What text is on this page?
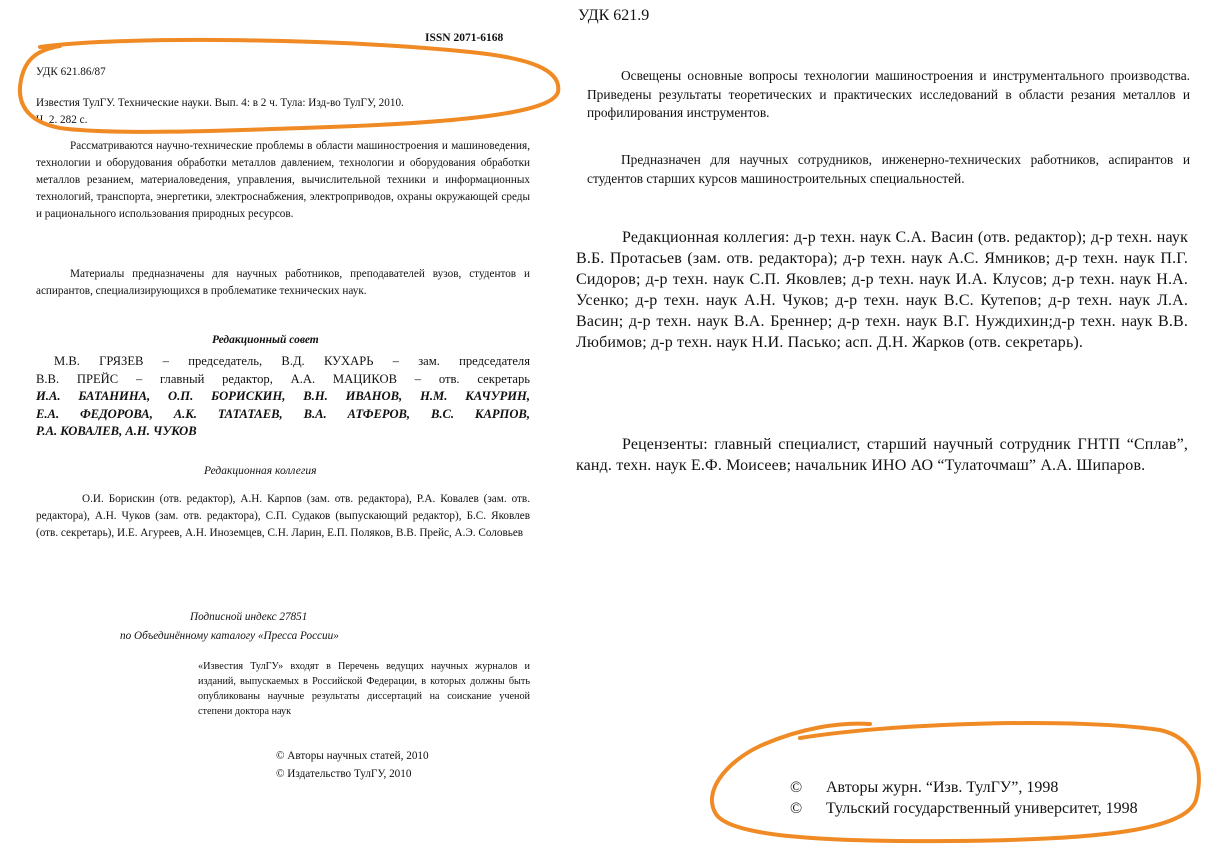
ISSN 2071-6168

УДК 621.86/87

Известия ТулГУ. Технические науки. Вып. 4: в 2 ч. Тула: Изд-во ТулГУ, 2010.
Ч. 2. 282 с.

Рассматриваются научно-технические проблемы в области машиностроения и машиноведения, технологии и оборудования обработки металлов давлением, технологии и оборудования обработки металлов резанием, материаловедения, управления, вычислительной техники и информационных технологий, транспорта, энергетики, электроснабжения, электроприводов, охраны окружающей среды и рационального использования природных ресурсов.

Материалы предназначены для научных работников, преподавателей вузов, студентов и аспирантов, специализирующихся в проблематике технических наук.

Редакционный совет

М.В. ГРЯЗЕВ – председатель, В.Д. КУХАРЬ – зам. председателя
В.В. ПРЕЙС – главный редактор, А.А. МАЦИКОВ – отв. секретарь
И.А. БАТАНИНА, О.П. БОРИСКИН, В.Н. ИВАНОВ, Н.М. КАЧУРИН,
Е.А. ФЕДОРОВА, А.К. ТАТАТАЕВ, В.А. АТФЕРОВ, В.С. КАРПОВ,
Р.А. КОВАЛЕВ, А.Н. ЧУКОВ

Редакционная коллегия

О.И. Борискин (отв. редактор), А.Н. Карпов (зам. отв. редактора), Р.А. Ковалев (зам. отв. редактора), А.Н. Чуков (зам. отв. редактора), С.П. Судаков (выпускающий редактор), Б.С. Яковлев (отв. секретарь), И.Е. Агуреев, А.Н. Иноземцев, С.Н. Ларин, Е.П. Поляков, В.В. Прейс, А.Э. Соловьев

Подписной индекс 27851

по Объединённому каталогу «Пресса России»

«Известия ТулГУ» входят в Перечень ведущих научных журналов и изданий, выпускаемых в Российской Федерации, в которых должны быть опубликованы научные результаты диссертаций на соискание ученой степени доктора наук

© Авторы научных статей, 2010

© Издательство ТулГУ, 2010

УДК 621.9

Освещены основные вопросы технологии машиностроения и инструментального производства. Приведены результаты теоретических и практических исследований в области резания металлов и профилирования инструментов.

Предназначен для научных сотрудников, инженерно-технических работников, аспирантов и студентов старших курсов машиностроительных специальностей.

Редакционная коллегия: д-р техн. наук С.А. Васин (отв. редактор); д-р техн. наук В.Б. Протасьев (зам. отв. редактора); д-р техн. наук А.С. Ямников; д-р техн. наук П.Г. Сидоров; д-р техн. наук С.П. Яковлев; д-р техн. наук И.А. Клусов; д-р техн. наук Н.А. Усенко; д-р техн. наук А.Н. Чуков; д-р техн. наук В.С. Кутепов; д-р техн. наук Л.А. Васин; д-р техн. наук В.А. Бреннер; д-р техн. наук В.Г. Нуждихин;д-р техн. наук В.В. Любимов; д-р техн. наук Н.И. Пасько; асп. Д.Н. Жарков (отв. секретарь).

Рецензенты: главный специалист, старший научный сотрудник ГНТП “Сплав”, канд. техн. наук Е.Ф. Моисеев; начальник ИНО АО “Тулаточмаш” А.А. Шипаров.

© Авторы журн. “Изв. ТулГУ”, 1998
© Тульский государственный университет, 1998
